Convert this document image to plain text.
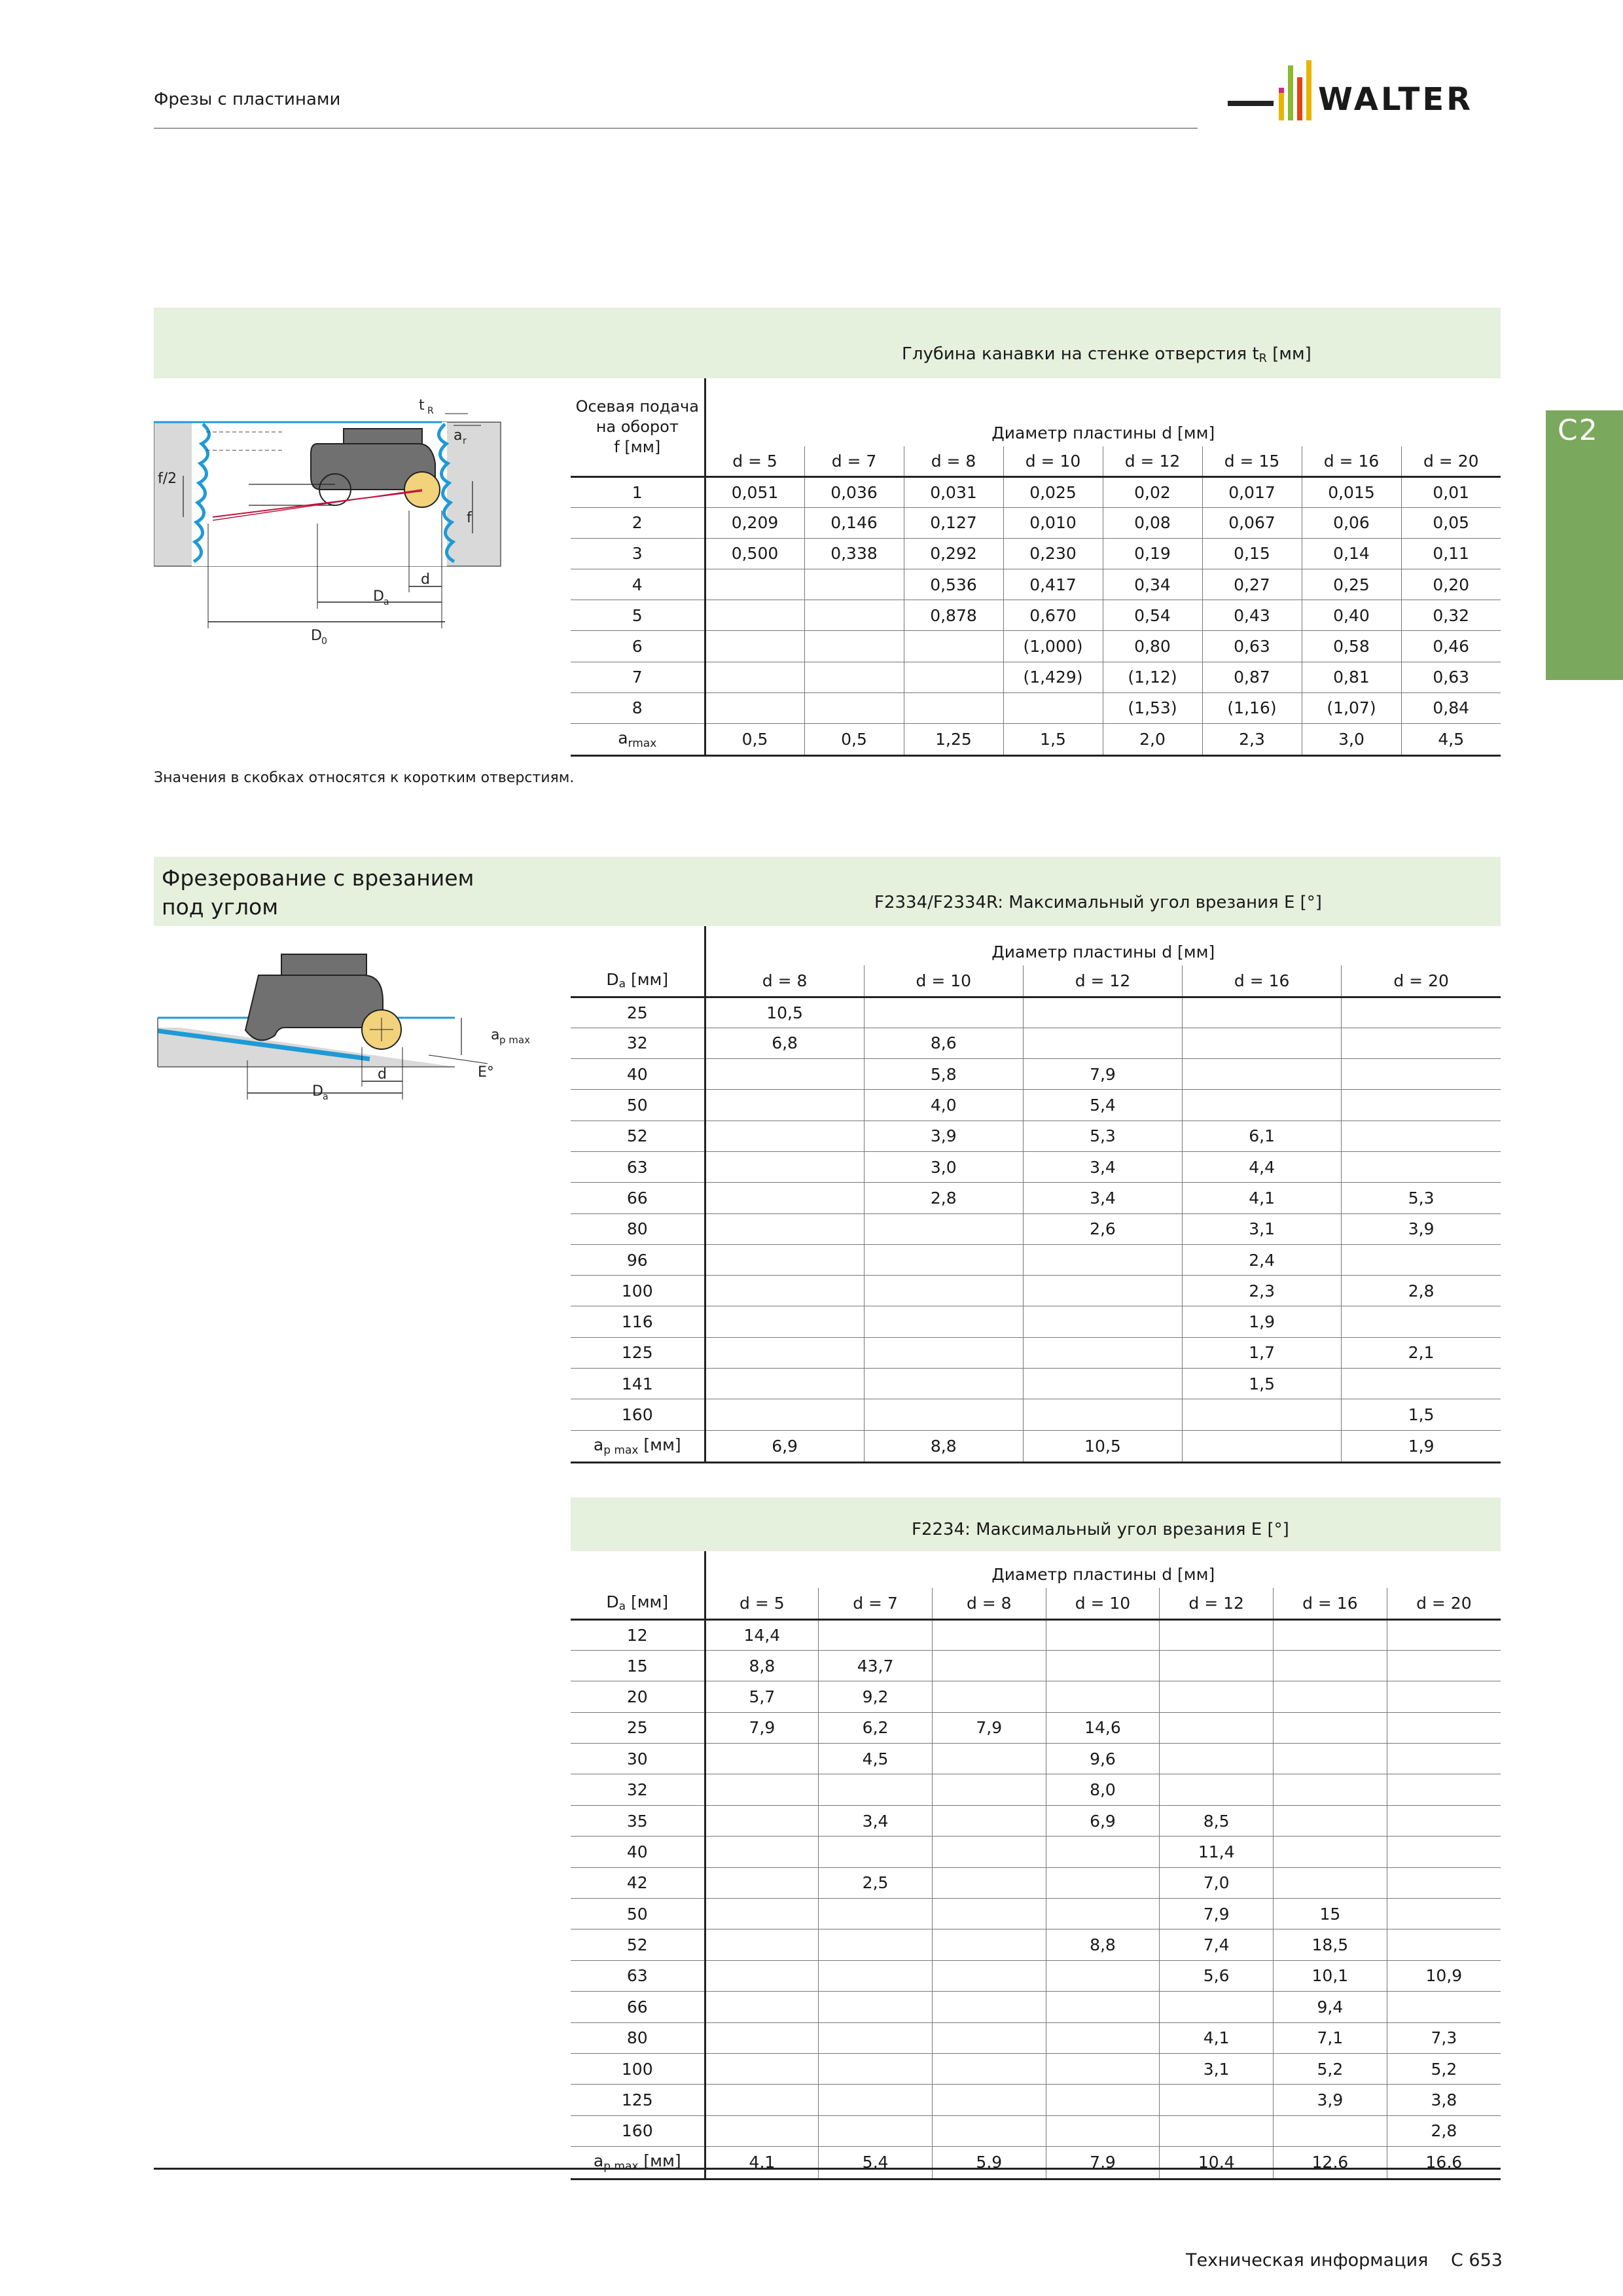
Фрезы с пластинами	WALTER
C2
Глубина канавки на стенке отверстия tR [мм]
t R
a r
f/2
f
d
D a
D 0
Осевая подача
на оборот
f [мм]	Диаметр пластины d [мм]							
	d = 5	d = 7	d = 8	d = 10	d = 12	d = 15	d = 16	d = 20
1	0,051	0,036	0,031	0,025	0,02	0,017	0,015	0,01
2	0,209	0,146	0,127	0,010	0,08	0,067	0,06	0,05
3	0,500	0,338	0,292	0,230	0,19	0,15	0,14	0,11
4			0,536	0,417	0,34	0,27	0,25	0,20
5			0,878	0,670	0,54	0,43	0,40	0,32
6				(1,000)	0,80	0,63	0,58	0,46
7				(1,429)	(1,12)	0,87	0,81	0,63
8					(1,53)	(1,16)	(1,07)	0,84
$a_{rmax}$	0,5	0,5	1,25	1,5	2,0	2,3	3,0	4,5
Значения в скобках относятся к коротким отверстиям.
Фрезерование с врезанием
под углом	F2334/F2334R: Максимальный угол врезания E [°]
a p max
E°
d
D a
	Диаметр пластины d [мм]				
Da [мм]	d = 8	d = 10	d = 12	d = 16	d = 20
25	10,5				
32	6,8	8,6			
40		5,8	7,9		
50		4,0	5,4		
52		3,9	5,3	6,1	
63		3,0	3,4	4,4	
66		2,8	3,4	4,1	5,3
80			2,6	3,1	3,9
96				2,4	
100				2,3	2,8
116				1,9	
125				1,7	2,1
141				1,5	
160					1,5
$a_{p max}$ [мм]	6,9	8,8	10,5		1,9
F2234: Максимальный угол врезания E [°]
	Диаметр пластины d [мм]						
Da [мм]	d = 5	d = 7	d = 8	d = 10	d = 12	d = 16	d = 20
12	14,4						
15	8,8	43,7					
20	5,7	9,2					
25	7,9	6,2	7,9	14,6			
30		4,5		9,6			
32				8,0			
35		3,4		6,9	8,5		
40					11,4		
42		2,5			7,0		
50					7,9	15	
52				8,8	7,4	18,5	
63					5,6	10,1	10,9
66						9,4	
80					4,1	7,1	7,3
100					3,1	5,2	5,2
125						3,9	3,8
160							2,8
$a_{p max}$ [мм]	4,1	5,4	5,9	7,9	10,4	12,6	16,6
Техническая информация C 653
